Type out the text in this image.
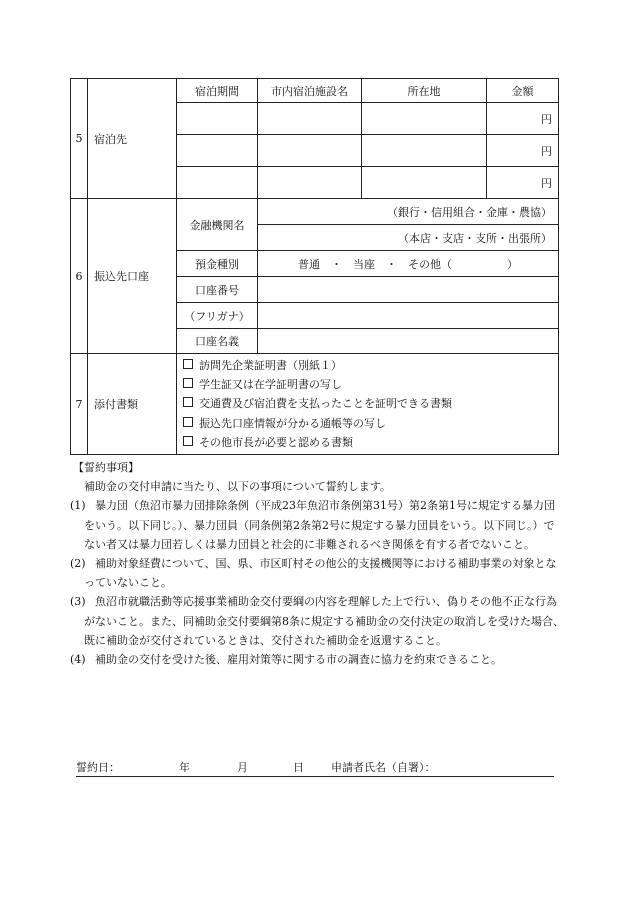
5	宿泊先	宿泊期間	市内宿泊施設名	所在地	金額
					円
					円
					円
6	振込先口座	金融機関名	（銀行・信用組合・金庫・農協）		
			（本店・支店・支所・出張所）		
		預金種別	普通　・　当座　・　その他（　　　　　）		
		口座番号			
		（フリガナ）			
		口座名義			
7	添付書類	訪問先企業証明書（別紙１）
学生証又は在学証明書の写し
交通費及び宿泊費を支払ったことを証明できる書類
振込先口座情報が分かる通帳等の写し
その他市長が必要と認める書類			
【誓約事項】
補助金の交付申請に当たり、以下の事項について誓約します。
(1)
　暴力団（魚沼市暴力団排除条例（平成23年魚沼市条例第31号）第2条第1号に規定する暴力団をいう。以下同じ。）、暴力団員（同条例第2条第2号に規定する暴力団員をいう。以下同じ。）でない者又は暴力団若しくは暴力団員と社会的に非難されるべき関係を有する者でないこと。
(2)
　補助対象経費について、国、県、市区町村その他公的支援機関等における補助事業の対象となっていないこと。
(3)
　魚沼市就職活動等応援事業補助金交付要綱の内容を理解した上で行い、偽りその他不正な行為がないこと。また、同補助金交付要綱第8条に規定する補助金の交付決定の取消しを受けた場合、既に補助金が交付されているときは、交付された補助金を返還すること。
(4)
　補助金の交付を受けた後、雇用対策等に関する市の調査に協力を約束できること。
誓約日：	年	月	日 申請者氏名（自署）：
